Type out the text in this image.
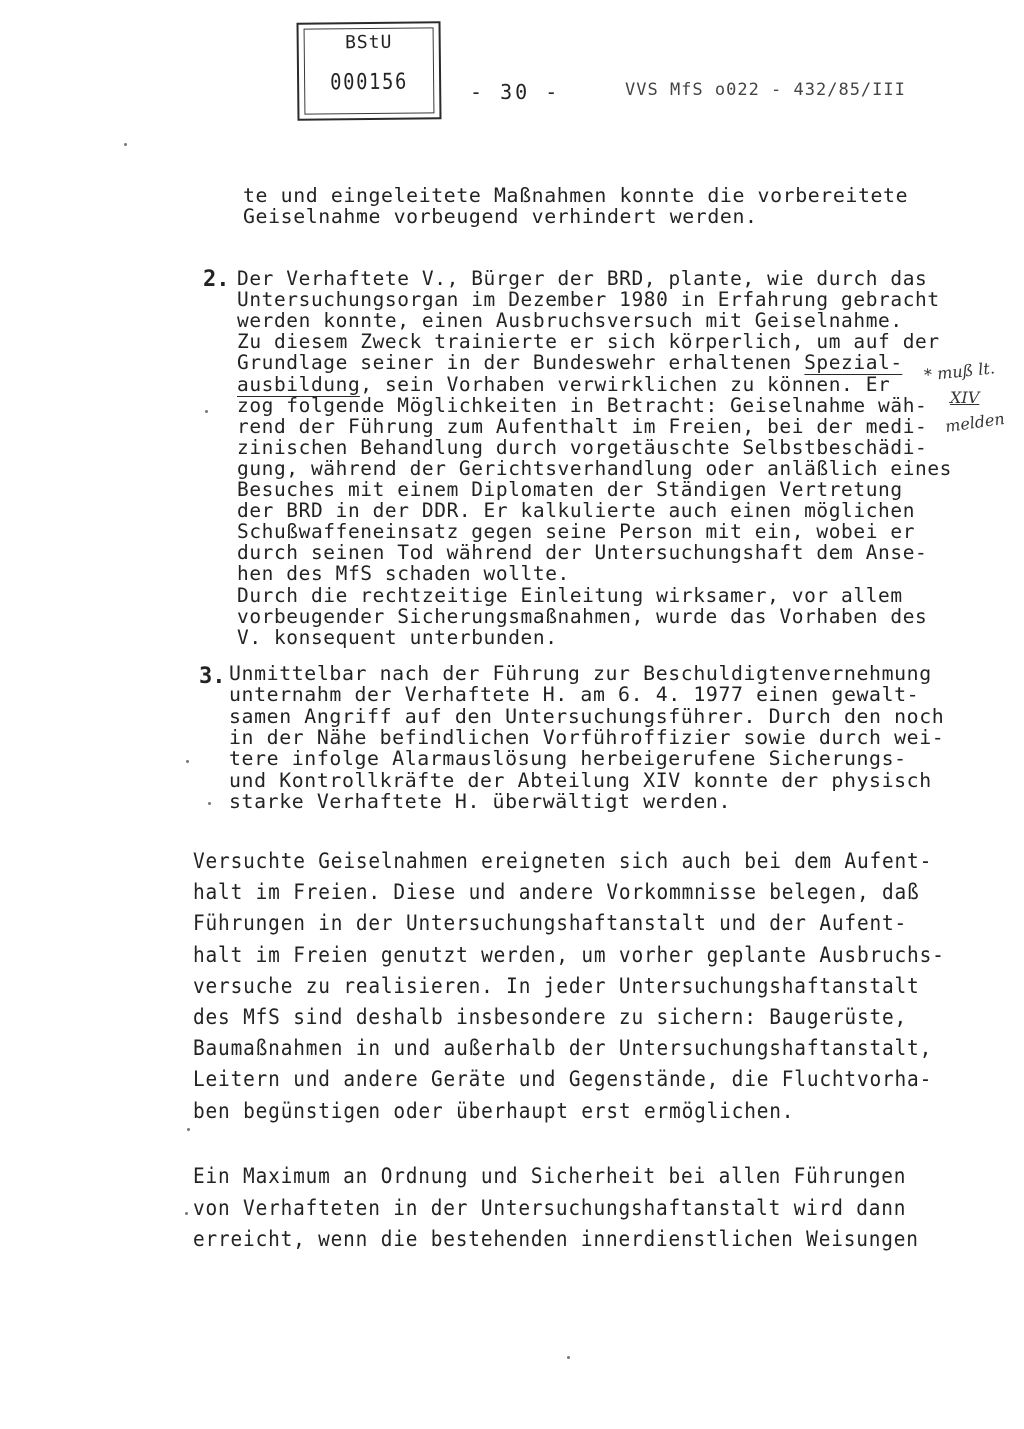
BStU
000156	- 30 -	VVS MfS o022 - 432/85/III
te und eingeleitete Maßnahmen konnte die vorbereitete
Geiselnahme vorbeugend verhindert werden.
2. Der Verhaftete V., Bürger der BRD, plante, wie durch das
Untersuchungsorgan im Dezember 1980 in Erfahrung gebracht
werden konnte, einen Ausbruchsversuch mit Geiselnahme.
Zu diesem Zweck trainierte er sich körperlich, um auf der
Grundlage seiner in der Bundeswehr erhaltenen Spezial-
ausbildung, sein Vorhaben verwirklichen zu können. Er
zog folgende Möglichkeiten in Betracht: Geiselnahme wäh-
rend der Führung zum Aufenthalt im Freien, bei der medi-
zinischen Behandlung durch vorgetäuschte Selbstbeschädi-
gung, während der Gerichtsverhandlung oder anläßlich eines
Besuches mit einem Diplomaten der Ständigen Vertretung
der BRD in der DDR. Er kalkulierte auch einen möglichen
Schußwaffeneinsatz gegen seine Person mit ein, wobei er
durch seinen Tod während der Untersuchungshaft dem Anse-
hen des MfS schaden wollte.
Durch die rechtzeitige Einleitung wirksamer, vor allem
vorbeugender Sicherungsmaßnahmen, wurde das Vorhaben des
V. konsequent unterbunden.
3. Unmittelbar nach der Führung zur Beschuldigtenvernehmung
unternahm der Verhaftete H. am 6. 4. 1977 einen gewalt-
samen Angriff auf den Untersuchungsführer. Durch den noch
in der Nähe befindlichen Vorführoffizier sowie durch wei-
tere infolge Alarmauslösung herbeigerufene Sicherungs-
und Kontrollkräfte der Abteilung XIV konnte der physisch
starke Verhaftete H. überwältigt werden.
Versuchte Geiselnahmen ereigneten sich auch bei dem Aufent-
halt im Freien. Diese und andere Vorkommnisse belegen, daß
Führungen in der Untersuchungshaftanstalt und der Aufent-
halt im Freien genutzt werden, um vorher geplante Ausbruchs-
versuche zu realisieren. In jeder Untersuchungshaftanstalt
des MfS sind deshalb insbesondere zu sichern: Baugerüste,
Baumaßnahmen in und außerhalb der Untersuchungshaftanstalt,
Leitern und andere Geräte und Gegenstände, die Fluchtvorha-
ben begünstigen oder überhaupt erst ermöglichen.
Ein Maximum an Ordnung und Sicherheit bei allen Führungen
von Verhafteten in der Untersuchungshaftanstalt wird dann
erreicht, wenn die bestehenden innerdienstlichen Weisungen
* muß lt.
XIV
melden
